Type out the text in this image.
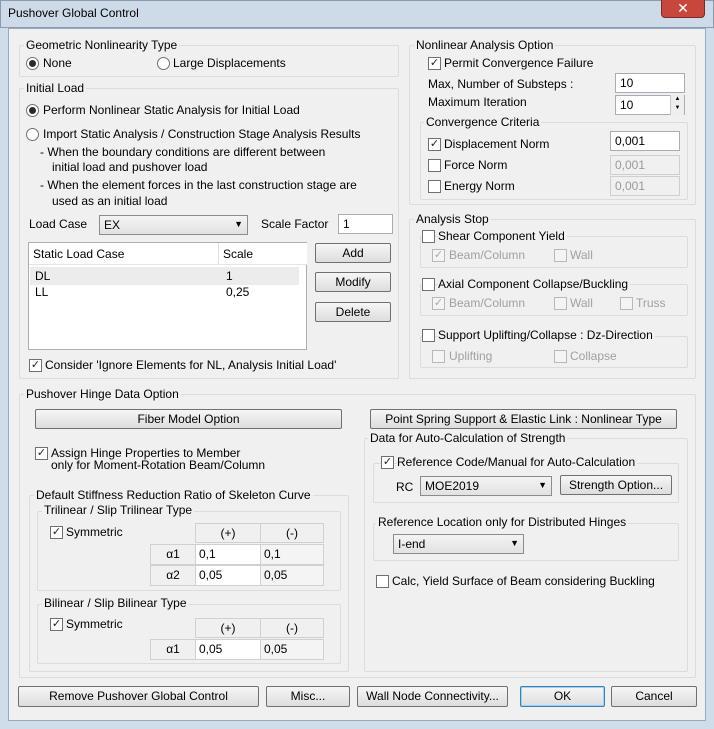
Pushover Global Control	✕
Geometric Nonlinearity Type
None	Large Displacements
Initial Load
Perform Nonlinear Static Analysis for Initial Load
Import Static Analysis / Construction Stage Analysis Results
- When the boundary conditions are different between
initial load and pushover load
- When the element forces in the last construction stage are
used as an initial load
Load Case	EX	▼ Scale Factor	1
Static Load Case	Scale
DL	1
LL	0,25
Add
Modify
Delete
✓ Consider 'Ignore Elements for NL, Analysis Initial Load'
Nonlinear Analysis Option
✓ Permit Convergence Failure
Max, Number of Substeps :	10
Maximum Iteration	10	▲
▼
Convergence Criteria
✓ Displacement Norm	0,001
Force Norm	0,001
Energy Norm	0,001
Analysis Stop
Shear Component Yield
✓ Beam/Column	Wall
Axial Component Collapse/Buckling
✓ Beam/Column	Wall	Truss
Support Uplifting/Collapse : Dz-Direction
Uplifting	Collapse
Pushover Hinge Data Option
Fiber Model Option	Point Spring Support & Elastic Link : Nonlinear Type
✓ Assign Hinge Properties to Member
only for Moment-Rotation Beam/Column
Default Stiffness Reduction Ratio of Skeleton Curve
Trilinear / Slip Trilinear Type
✓ Symmetric	(+)	(-)
α1	0,1	0,1
α2	0,05	0,05
Bilinear / Slip Bilinear Type
✓ Symmetric	(+)	(-)
α1	0,05	0,05
Data for Auto-Calculation of Strength
✓ Reference Code/Manual for Auto-Calculation
RC MOE2019	▼	Strength Option...
Reference Location only for Distributed Hinges
I-end	▼
Calc, Yield Surface of Beam considering Buckling
Remove Pushover Global Control	Misc...	Wall Node Connectivity...	OK	Cancel
